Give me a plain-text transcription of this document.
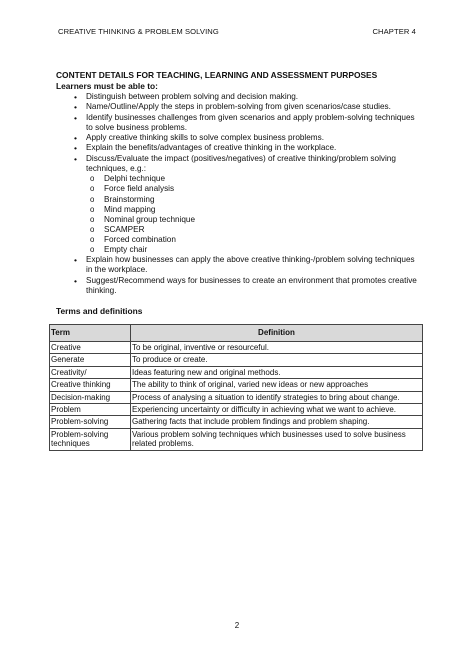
CREATIVE THINKING & PROBLEM SOLVING	CHAPTER 4
CONTENT DETAILS FOR TEACHING, LEARNING AND ASSESSMENT PURPOSES
Learners must be able to:
• Distinguish between problem solving and decision making.
• Name/Outline/Apply the steps in problem-solving from given scenarios/case studies.
• Identify businesses challenges from given scenarios and apply problem-solving techniques to solve business problems.
• Apply creative thinking skills to solve complex business problems.
• Explain the benefits/advantages of creative thinking in the workplace.
• Discuss/Evaluate the impact (positives/negatives) of creative thinking/problem solving techniques, e.g.:
o Delphi technique
o Force field analysis
o Brainstorming
o Mind mapping
o Nominal group technique
o SCAMPER
o Forced combination
o Empty chair
• Explain how businesses can apply the above creative thinking-/problem solving techniques in the workplace.
• Suggest/Recommend ways for businesses to create an environment that promotes creative thinking.
Terms and definitions
Term	Definition
Creative	To be original, inventive or resourceful.
Generate	To produce or create.
Creativity/	Ideas featuring new and original methods.
Creative thinking	The ability to think of original, varied new ideas or new approaches
Decision-making	Process of analysing a situation to identify strategies to bring about change.
Problem	Experiencing uncertainty or difficulty in achieving what we want to achieve.
Problem-solving	Gathering facts that include problem findings and problem shaping.
Problem-solving techniques	Various problem solving techniques which businesses used to solve business related problems.
2
